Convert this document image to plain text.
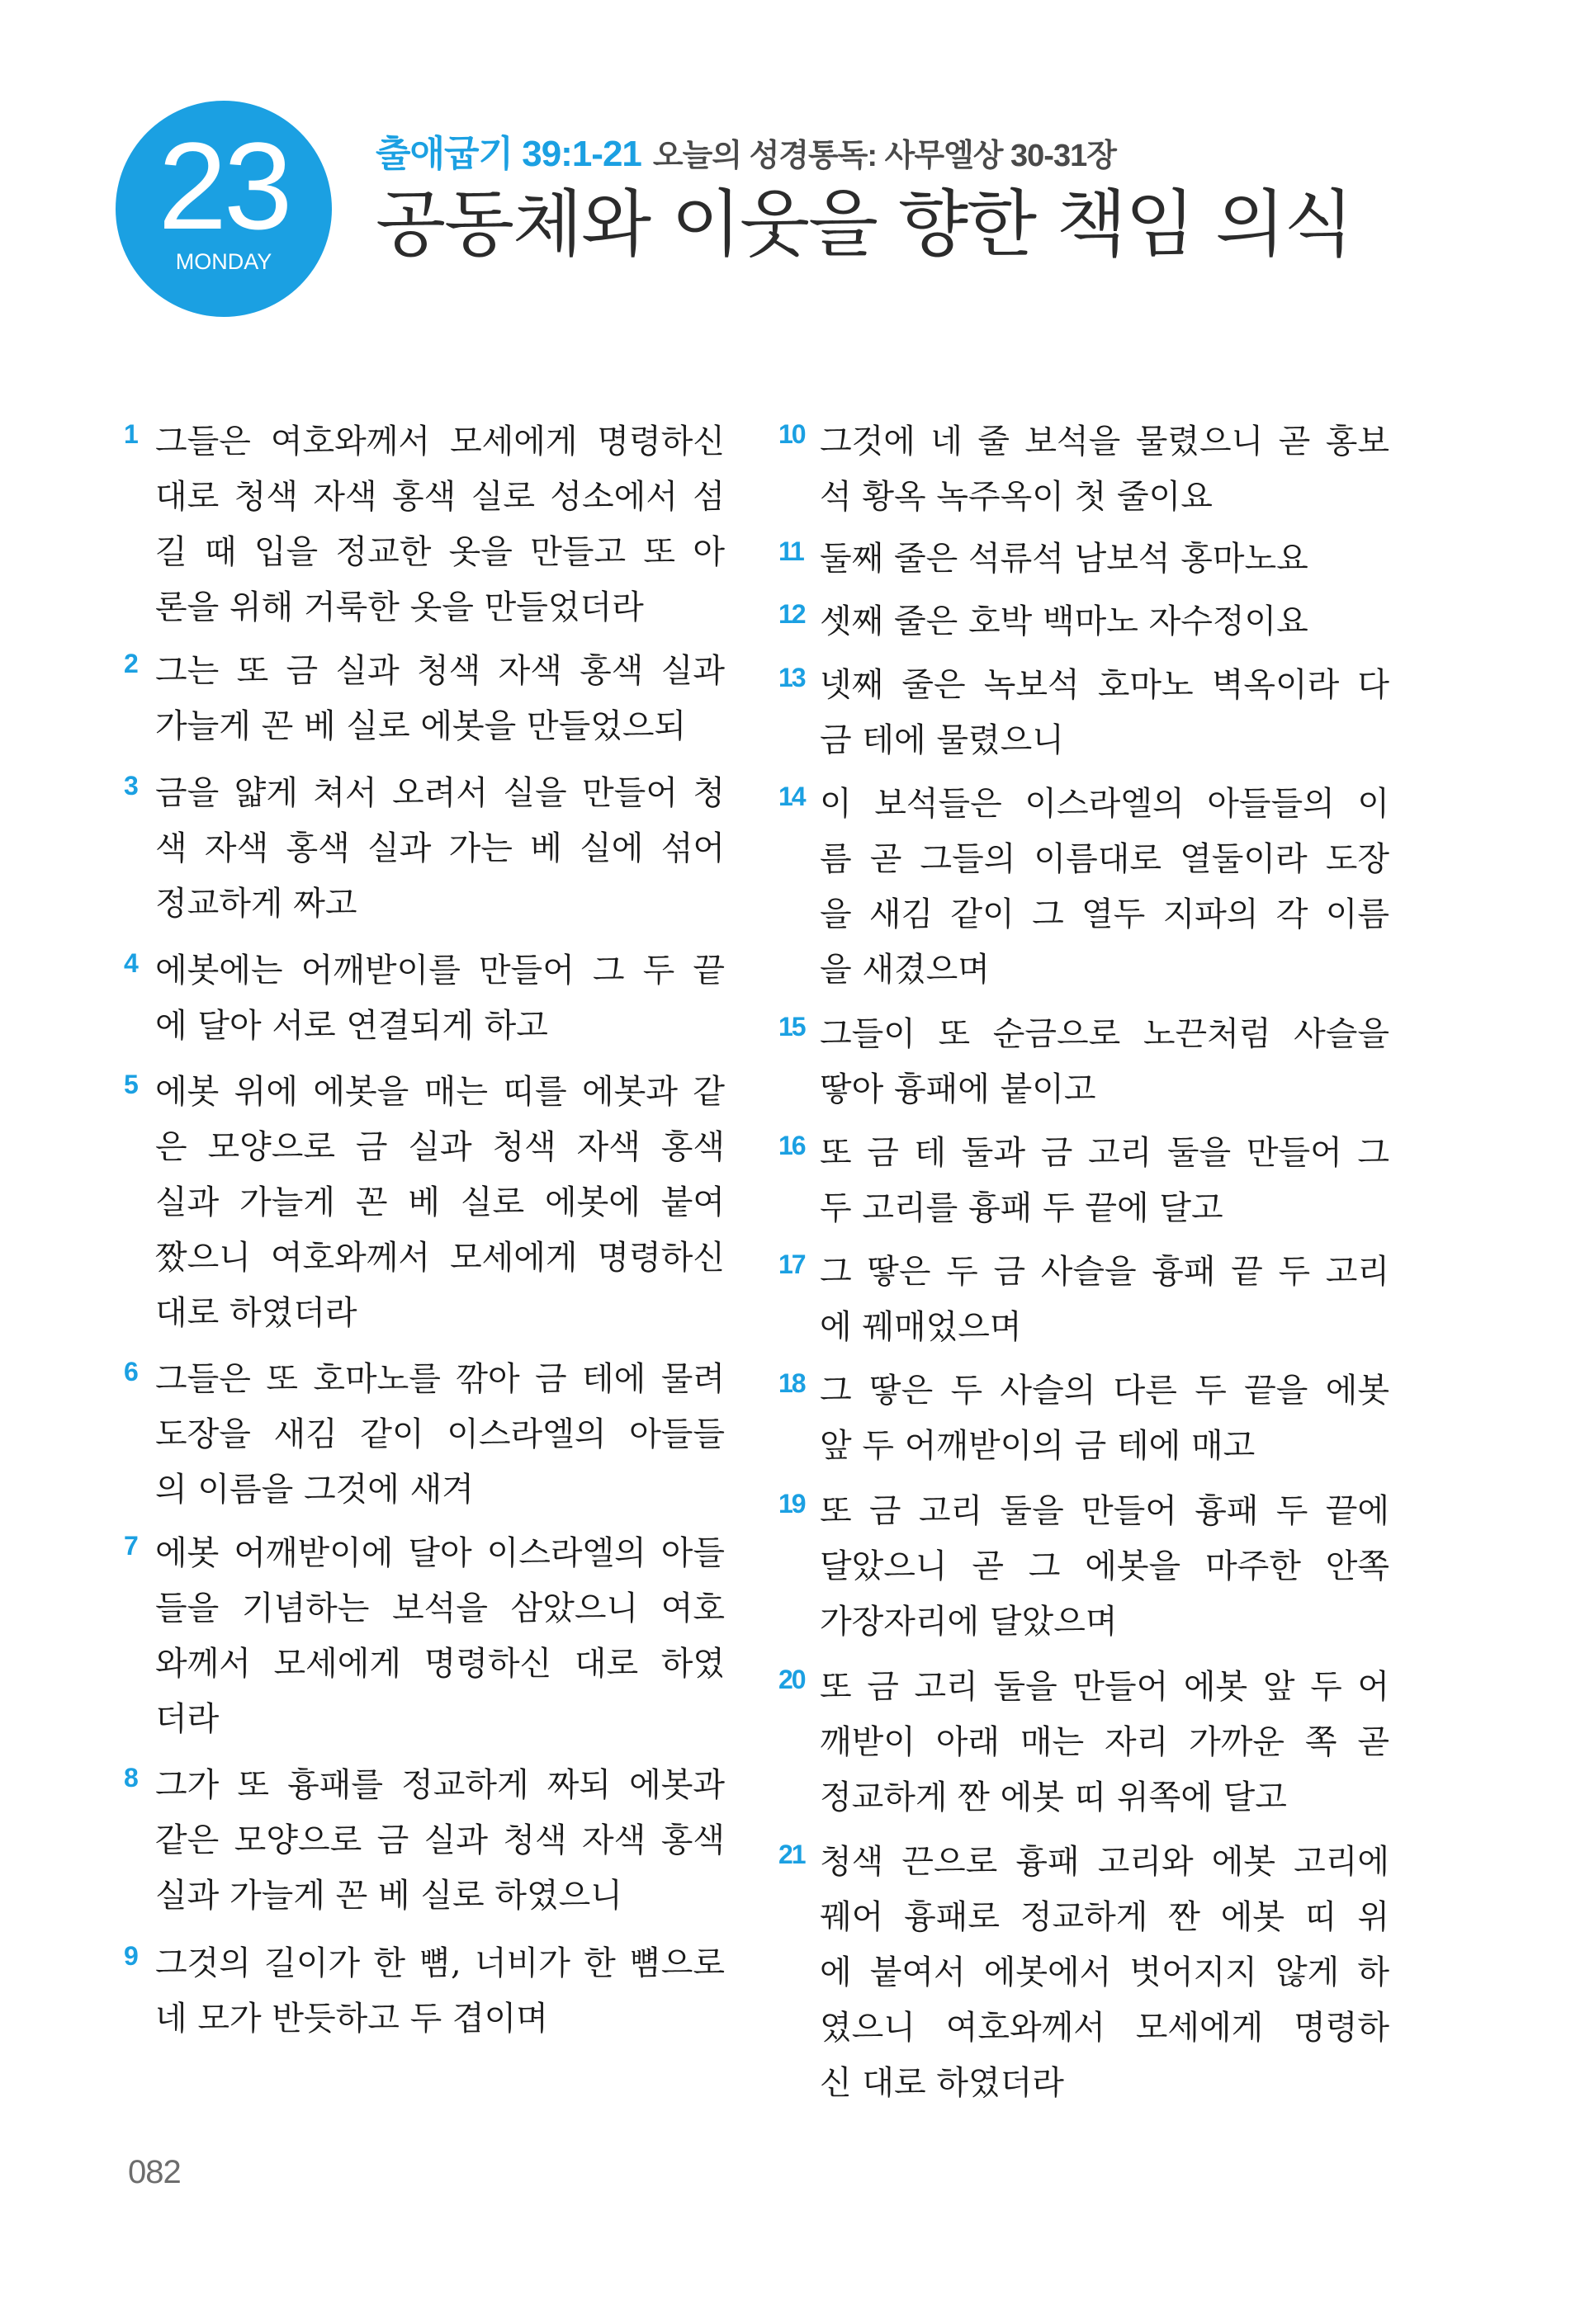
23
MONDAY
출애굽기 39:1-21 오늘의 성경통독: 사무엘상 30-31장
공동체와 이웃을 향한 책임 의식
1 그들은 여호와께서 모세에게 명령하신
대로 청색 자색 홍색 실로 성소에서 섬
길 때 입을 정교한 옷을 만들고 또 아
론을 위해 거룩한 옷을 만들었더라
2 그는 또 금 실과 청색 자색 홍색 실과
가늘게 꼰 베 실로 에봇을 만들었으되
3 금을 얇게 쳐서 오려서 실을 만들어 청
색 자색 홍색 실과 가는 베 실에 섞어
정교하게 짜고
4 에봇에는 어깨받이를 만들어 그 두 끝
에 달아 서로 연결되게 하고
5 에봇 위에 에봇을 매는 띠를 에봇과 같
은 모양으로 금 실과 청색 자색 홍색
실과 가늘게 꼰 베 실로 에봇에 붙여
짰으니 여호와께서 모세에게 명령하신
대로 하였더라
6 그들은 또 호마노를 깎아 금 테에 물려
도장을 새김 같이 이스라엘의 아들들
의 이름을 그것에 새겨
7 에봇 어깨받이에 달아 이스라엘의 아들
들을 기념하는 보석을 삼았으니 여호
와께서 모세에게 명령하신 대로 하였
더라
8 그가 또 흉패를 정교하게 짜되 에봇과
같은 모양으로 금 실과 청색 자색 홍색
실과 가늘게 꼰 베 실로 하였으니
9 그것의 길이가 한 뼘, 너비가 한 뼘으로
네 모가 반듯하고 두 겹이며
10 그것에 네 줄 보석을 물렸으니 곧 홍보
석 황옥 녹주옥이 첫 줄이요
11 둘째 줄은 석류석 남보석 홍마노요
12 셋째 줄은 호박 백마노 자수정이요
13 넷째 줄은 녹보석 호마노 벽옥이라 다
금 테에 물렸으니
14 이 보석들은 이스라엘의 아들들의 이
름 곧 그들의 이름대로 열둘이라 도장
을 새김 같이 그 열두 지파의 각 이름
을 새겼으며
15 그들이 또 순금으로 노끈처럼 사슬을
땋아 흉패에 붙이고
16 또 금 테 둘과 금 고리 둘을 만들어 그
두 고리를 흉패 두 끝에 달고
17 그 땋은 두 금 사슬을 흉패 끝 두 고리
에 꿰매었으며
18 그 땋은 두 사슬의 다른 두 끝을 에봇
앞 두 어깨받이의 금 테에 매고
19 또 금 고리 둘을 만들어 흉패 두 끝에
달았으니 곧 그 에봇을 마주한 안쪽
가장자리에 달았으며
20 또 금 고리 둘을 만들어 에봇 앞 두 어
깨받이 아래 매는 자리 가까운 쪽 곧
정교하게 짠 에봇 띠 위쪽에 달고
21 청색 끈으로 흉패 고리와 에봇 고리에
꿰어 흉패로 정교하게 짠 에봇 띠 위
에 붙여서 에봇에서 벗어지지 않게 하
였으니 여호와께서 모세에게 명령하
신 대로 하였더라
082
